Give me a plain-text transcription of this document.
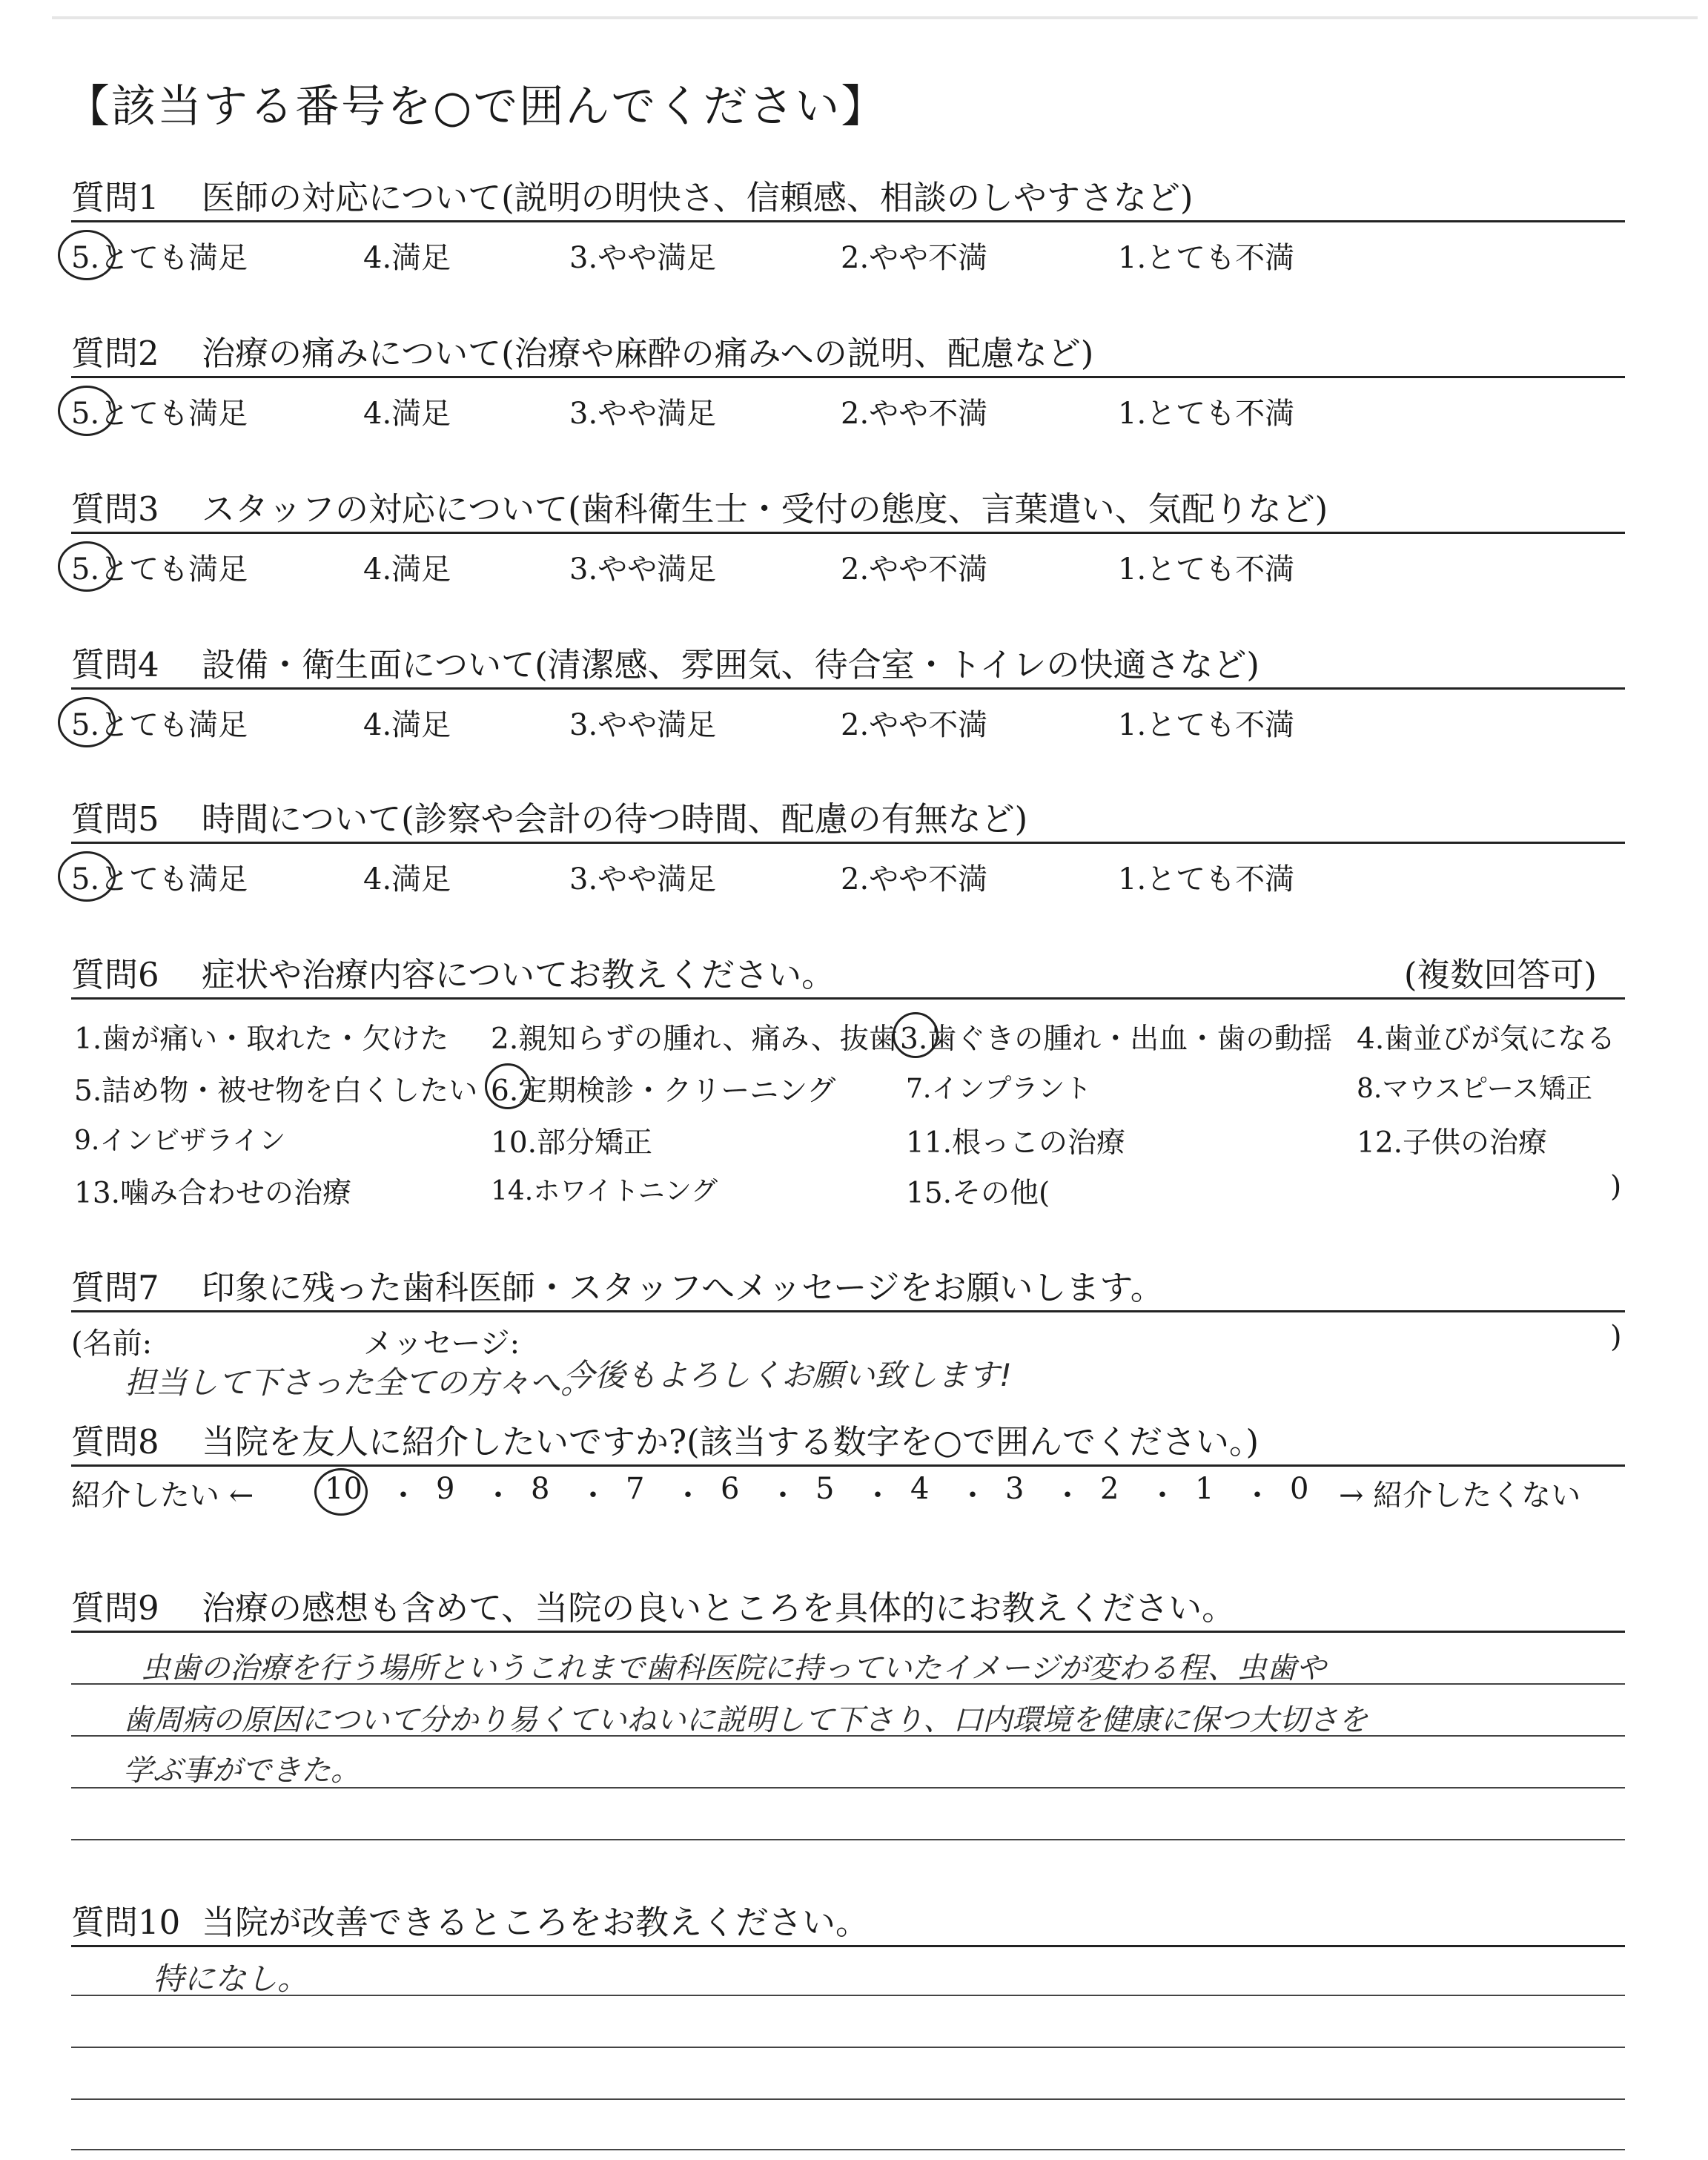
【該当する番号を○で囲んでください】
質問1 医師の対応について(説明の明快さ、信頼感、相談のしやすさなど)
5.とても満足	4.満足	3.やや満足	2.やや不満	1.とても不満
質問2 治療の痛みについて(治療や麻酔の痛みへの説明、配慮など)
5.とても満足	4.満足	3.やや満足	2.やや不満	1.とても不満
質問3 スタッフの対応について(歯科衛生士・受付の態度、言葉遣い、気配りなど)
5.とても満足	4.満足	3.やや満足	2.やや不満	1.とても不満
質問4 設備・衛生面について(清潔感、雰囲気、待合室・トイレの快適さなど)
5.とても満足	4.満足	3.やや満足	2.やや不満	1.とても不満
質問5 時間について(診察や会計の待つ時間、配慮の有無など)
5.とても満足	4.満足	3.やや満足	2.やや不満	1.とても不満
質問6 症状や治療内容についてお教えください。	(複数回答可)
1.歯が痛い・取れた・欠けた 2.親知らずの腫れ、痛み、抜歯 3.歯ぐきの腫れ・出血・歯の動揺 4.歯並びが気になる
5.詰め物・被せ物を白くしたい 6.定期検診・クリーニング	7.インプラント	8.マウスピース矯正
9.インビザライン	10.部分矯正	11.根っこの治療	12.子供の治療
13.噛み合わせの治療	14.ホワイトニング	15.その他(	)
質問7 印象に残った歯科医師・スタッフへメッセージをお願いします。
(名前:	メッセージ:	)
担当して下さった全ての方々へ。
今後もよろしくお願い致します!
質問8 当院を友人に紹介したいですか?(該当する数字を○で囲んでください。)
紹介したい ← 10 ・ 9 ・ 8 ・ 7 ・ 6 ・ 5 ・ 4 ・ 3 ・ 2 ・ 1 ・ 0 → 紹介したくない
質問9 治療の感想も含めて、当院の良いところを具体的にお教えください。
虫歯の治療を行う場所というこれまで歯科医院に持っていたイメージが変わる程、虫歯や
歯周病の原因について分かり易くていねいに説明して下さり、口内環境を健康に保つ大切さを
学ぶ事ができた。
質問10 当院が改善できるところをお教えください。
特になし。
